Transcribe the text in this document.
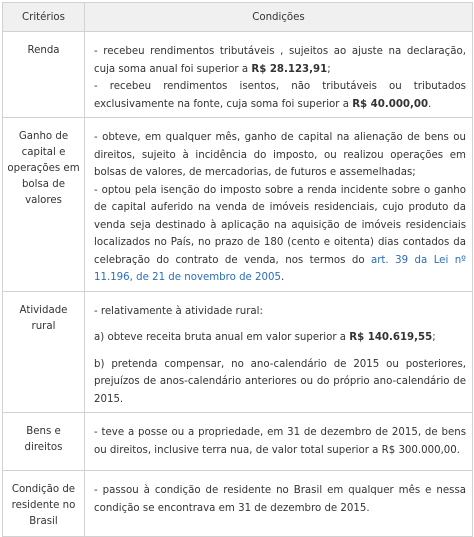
Critérios	Condições
Renda	- recebeu rendimentos tributáveis , sujeitos ao ajuste na declaração, cuja soma anual foi superior a R$ 28.123,91;

- recebeu rendimentos isentos, não tributáveis ou tributados exclusivamente na fonte, cuja soma foi superior a R$ 40.000,00.

Ganho de capital e operações em bolsa de valores	- obteve, em qualquer mês, ganho de capital na alienação de bens ou direitos, sujeito à incidência do imposto, ou realizou operações em bolsas de valores, de mercadorias, de futuros e assemelhadas;

- optou pela isenção do imposto sobre a renda incidente sobre o ganho de capital auferido na venda de imóveis residenciais, cujo produto da venda seja destinado à aplicação na aquisição de imóveis residenciais localizados no País, no prazo de 180 (cento e oitenta) dias contados da celebração do contrato de venda, nos termos do art. 39 da Lei nº 11.196, de 21 de novembro de 2005.

Atividade rural	- relativamente à atividade rural:

a) obteve receita bruta anual em valor superior a R$ 140.619,55;

b) pretenda compensar, no ano-calendário de 2015 ou posteriores, prejuízos de anos-calendário anteriores ou do próprio ano-calendário de 2015.

Bens e direitos	- teve a posse ou a propriedade, em 31 de dezembro de 2015, de bens ou direitos, inclusive terra nua, de valor total superior a R$ 300.000,00.

Condição de residente no Brasil	- passou à condição de residente no Brasil em qualquer mês e nessa condição se encontrava em 31 de dezembro de 2015.
